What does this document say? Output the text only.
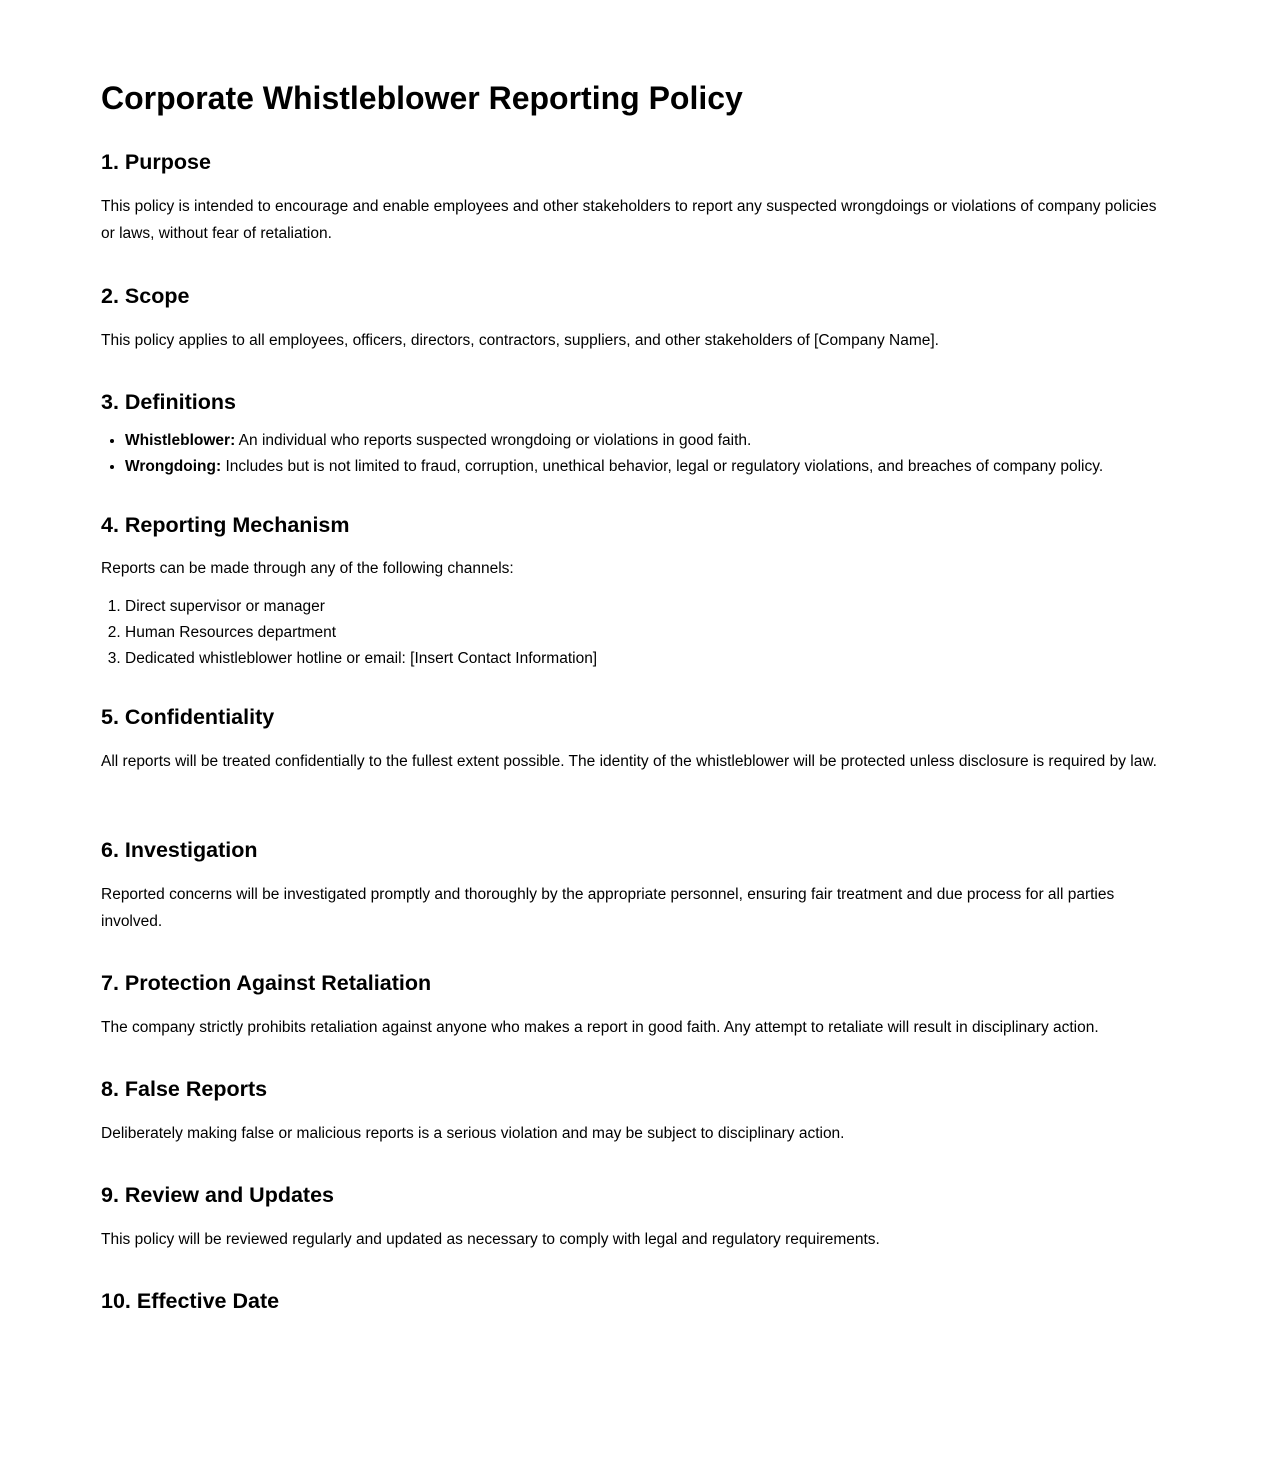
Corporate Whistleblower Reporting Policy
1. Purpose

This policy is intended to encourage and enable employees and other stakeholders to report any suspected wrongdoings or violations of company policies or laws, without fear of retaliation.

2. Scope

This policy applies to all employees, officers, directors, contractors, suppliers, and other stakeholders of [Company Name].

3. Definitions
• Whistleblower: An individual who reports suspected wrongdoing or violations in good faith.
• Wrongdoing: Includes but is not limited to fraud, corruption, unethical behavior, legal or regulatory violations, and breaches of company policy.
4. Reporting Mechanism

Reports can be made through any of the following channels:

1. Direct supervisor or manager
2. Human Resources department
3. Dedicated whistleblower hotline or email: [Insert Contact Information]
5. Confidentiality

All reports will be treated confidentially to the fullest extent possible. The identity of the whistleblower will be protected unless disclosure is required by law.

6. Investigation

Reported concerns will be investigated promptly and thoroughly by the appropriate personnel, ensuring fair treatment and due process for all parties involved.

7. Protection Against Retaliation

The company strictly prohibits retaliation against anyone who makes a report in good faith. Any attempt to retaliate will result in disciplinary action.

8. False Reports

Deliberately making false or malicious reports is a serious violation and may be subject to disciplinary action.

9. Review and Updates

This policy will be reviewed regularly and updated as necessary to comply with legal and regulatory requirements.

10. Effective Date
